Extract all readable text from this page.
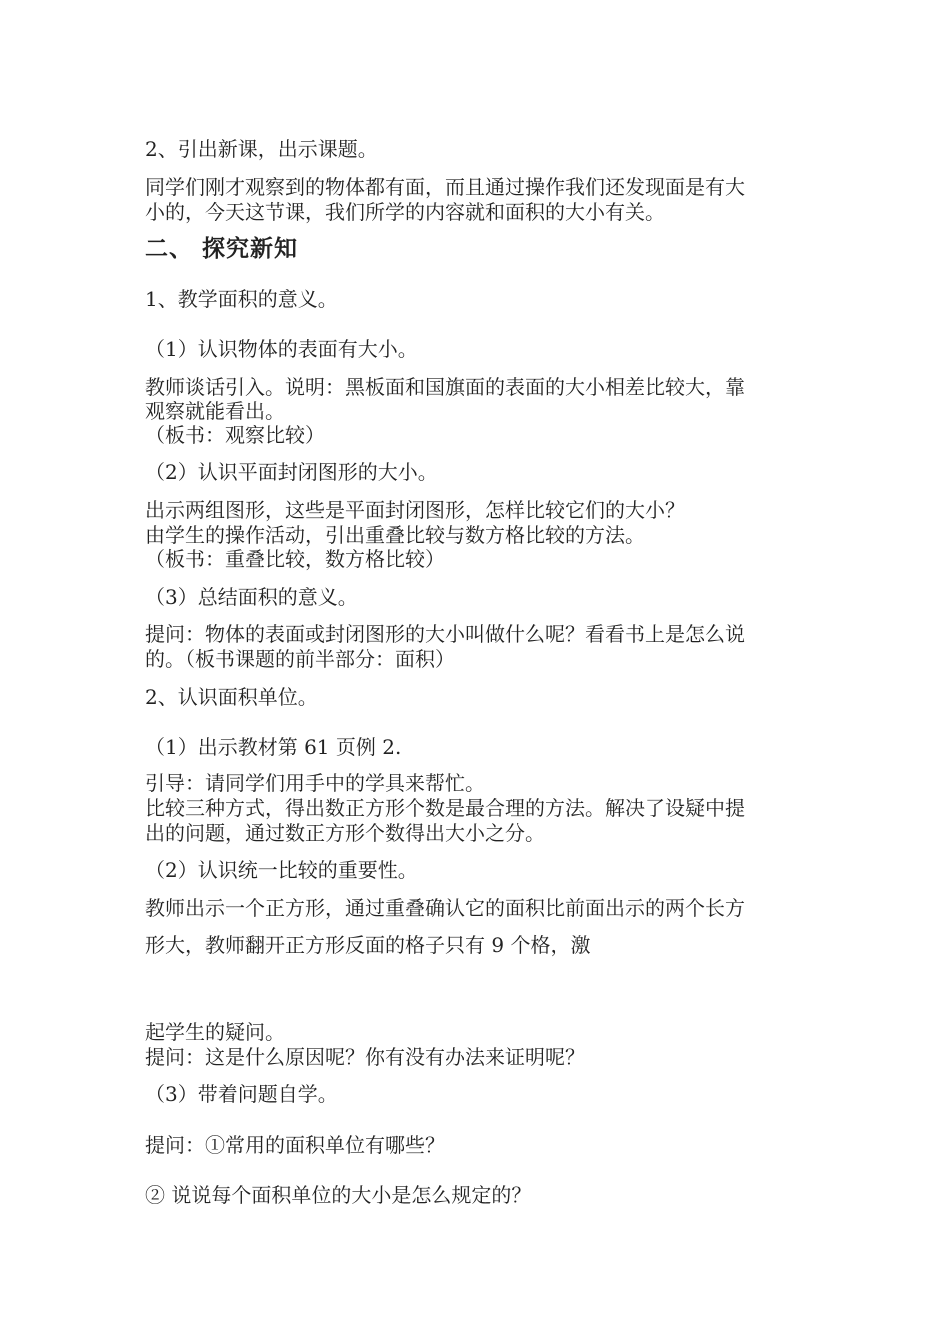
2、引出新课，出示课题。

同学们刚才观察到的物体都有面，而且通过操作我们还发现面是有大

小的，今天这节课，我们所学的内容就和面积的大小有关。

二、 探究新知

1、教学面积的意义。

（1）认识物体的表面有大小。

教师谈话引入。说明：黑板面和国旗面的表面的大小相差比较大，靠

观察就能看出。

（板书：观察比较）

（2）认识平面封闭图形的大小。

出示两组图形，这些是平面封闭图形，怎样比较它们的大小？

由学生的操作活动，引出重叠比较与数方格比较的方法。

（板书：重叠比较，数方格比较）

（3）总结面积的意义。

提问：物体的表面或封闭图形的大小叫做什么呢？看看书上是怎么说

的。（板书课题的前半部分：面积）

2、认识面积单位。

（1）出示教材第 61 页例 2.

引导：请同学们用手中的学具来帮忙。

比较三种方式，得出数正方形个数是最合理的方法。解决了设疑中提

出的问题，通过数正方形个数得出大小之分。

（2）认识统一比较的重要性。

教师出示一个正方形，通过重叠确认它的面积比前面出示的两个长方

形大，教师翻开正方形反面的格子只有 9 个格，激

起学生的疑问。

提问：这是什么原因呢？你有没有办法来证明呢？

（3）带着问题自学。

提问：①常用的面积单位有哪些？

② 说说每个面积单位的大小是怎么规定的？
